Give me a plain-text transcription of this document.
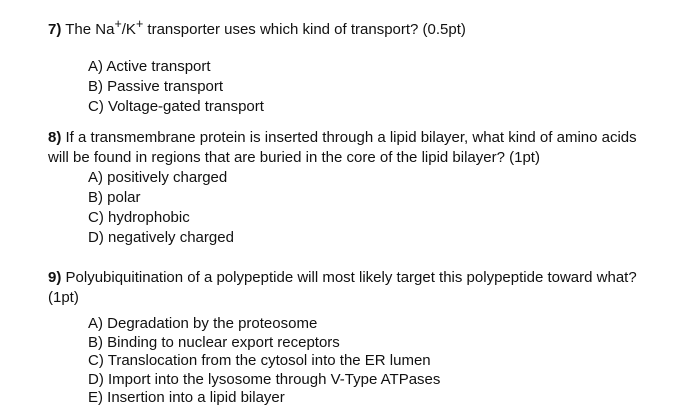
7) The Na+/K+ transporter uses which kind of transport? (0.5pt)
A) Active transport
B) Passive transport
C) Voltage-gated transport
8) If a transmembrane protein is inserted through a lipid bilayer, what kind of amino acids will be found in regions that are buried in the core of the lipid bilayer? (1pt)
A) positively charged
B) polar
C) hydrophobic
D) negatively charged
9) Polyubiquitination of a polypeptide will most likely target this polypeptide toward what? (1pt)
A) Degradation by the proteosome
B) Binding to nuclear export receptors
C) Translocation from the cytosol into the ER lumen
D) Import into the lysosome through V-Type ATPases
E) Insertion into a lipid bilayer
